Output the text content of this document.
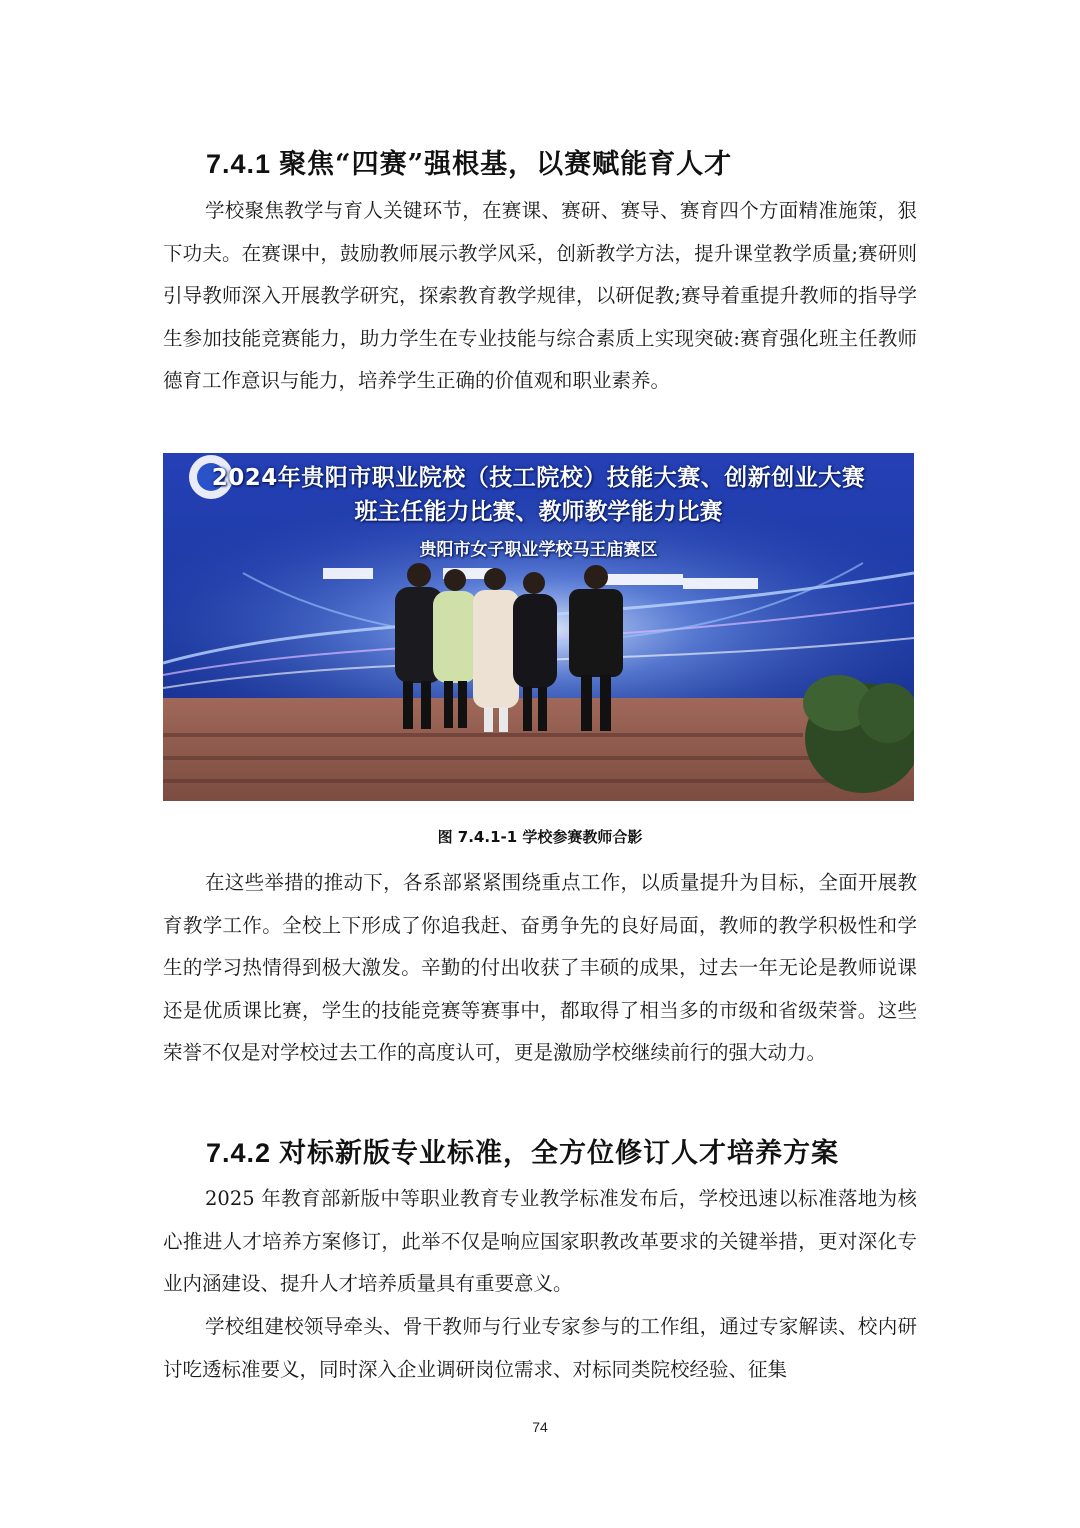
7.4.1 聚焦“四赛”强根基，以赛赋能育人才

学校聚焦教学与育人关键环节，在赛课、赛研、赛导、赛育四个方面精准施策，狠下功夫。在赛课中，鼓励教师展示教学风采，创新教学方法，提升课堂教学质量;赛研则引导教师深入开展教学研究，探索教育教学规律，以研促教;赛导着重提升教师的指导学生参加技能竞赛能力，助力学生在专业技能与综合素质上实现突破:赛育强化班主任教师德育工作意识与能力，培养学生正确的价值观和职业素养。

2024年贵阳市职业院校（技工院校）技能大赛、创新创业大赛
班主任能力比赛、教师教学能力比赛
贵阳市女子职业学校马王庙赛区
图 7.4.1-1 学校参赛教师合影

在这些举措的推动下，各系部紧紧围绕重点工作，以质量提升为目标，全面开展教育教学工作。全校上下形成了你追我赶、奋勇争先的良好局面，教师的教学积极性和学生的学习热情得到极大激发。辛勤的付出收获了丰硕的成果，过去一年无论是教师说课还是优质课比赛，学生的技能竞赛等赛事中，都取得了相当多的市级和省级荣誉。这些荣誉不仅是对学校过去工作的高度认可，更是激励学校继续前行的强大动力。

7.4.2 对标新版专业标准，全方位修订人才培养方案

2025 年教育部新版中等职业教育专业教学标准发布后，学校迅速以标准落地为核心推进人才培养方案修订，此举不仅是响应国家职教改革要求的关键举措，更对深化专业内涵建设、提升人才培养质量具有重要意义。

学校组建校领导牵头、骨干教师与行业专家参与的工作组，通过专家解读、校内研讨吃透标准要义，同时深入企业调研岗位需求、对标同类院校经验、征集

74
